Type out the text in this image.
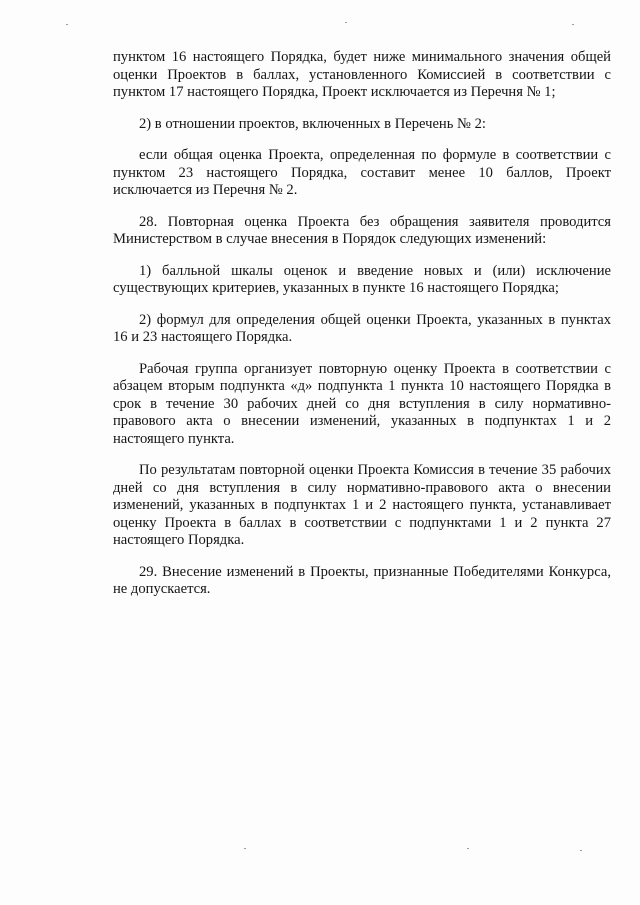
пунктом 16 настоящего Порядка, будет ниже минимального значения общей оценки Проектов в баллах, установленного Комиссией в соответствии с пунктом 17 настоящего Порядка, Проект исключается из Перечня № 1;

2) в отношении проектов, включенных в Перечень № 2:

если общая оценка Проекта, определенная по формуле в соответствии с пунктом 23 настоящего Порядка, составит менее 10 баллов, Проект исключается из Перечня № 2.

28. Повторная оценка Проекта без обращения заявителя проводится Министерством в случае внесения в Порядок следующих изменений:

1) балльной шкалы оценок и введение новых и (или) исключение существующих критериев, указанных в пункте 16 настоящего Порядка;

2) формул для определения общей оценки Проекта, указанных в пунктах 16 и 23 настоящего Порядка.

Рабочая группа организует повторную оценку Проекта в соответствии с абзацем вторым подпункта «д» подпункта 1 пункта 10 настоящего Порядка в срок в течение 30 рабочих дней со дня вступления в силу нормативно-правового акта о внесении изменений, указанных в подпунктах 1 и 2 настоящего пункта.

По результатам повторной оценки Проекта Комиссия в течение 35 рабочих дней со дня вступления в силу нормативно-правового акта о внесении изменений, указанных в подпунктах 1 и 2 настоящего пункта, устанавливает оценку Проекта в баллах в соответствии с подпунктами 1 и 2 пункта 27 настоящего Порядка.

29. Внесение изменений в Проекты, признанные Победителями Конкурса, не допускается.
